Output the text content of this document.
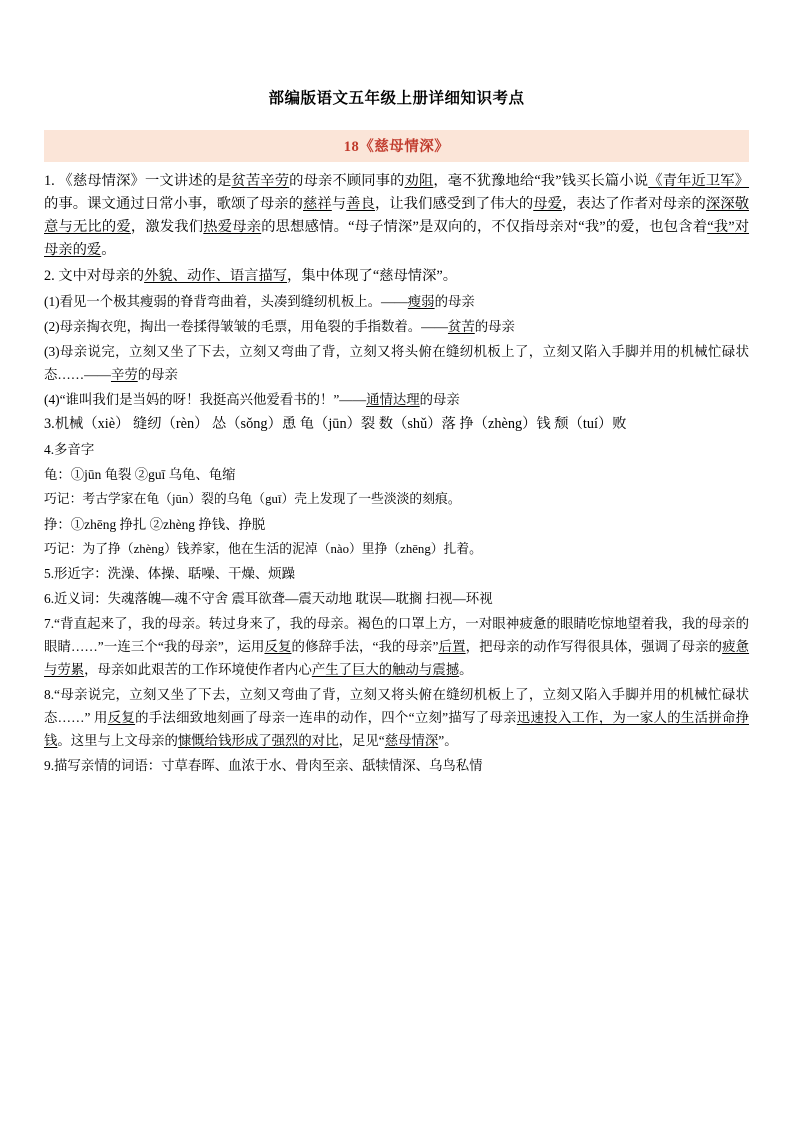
部编版语文五年级上册详细知识考点
18《慈母情深》
1. 《慈母情深》一文讲述的是贫苦辛劳的母亲不顾同事的劝阻，毫不犹豫地给“我”钱买长篇小说《青年近卫军》的事。课文通过日常小事，歌颂了母亲的慈祥与善良，让我们感受到了伟大的母爱，表达了作者对母亲的深深敬意与无比的爱，激发我们热爱母亲的思想感情。“母子情深”是双向的，不仅指母亲对“我”的爱，也包含着“我”对母亲的爱。
2. 文中对母亲的外貌、动作、语言描写，集中体现了“慈母情深”。
(1)看见一个极其瘦弱的脊背弯曲着，头凑到缝纫机板上。——瘦弱的母亲
(2)母亲掏衣兜，掏出一卷揉得皱皱的毛票，用龟裂的手指数着。——贫苦的母亲
(3)母亲说完，立刻又坐了下去，立刻又弯曲了背，立刻又将头俯在缝纫机板上了，立刻又陷入手脚并用的机械忙碌状态……——辛劳的母亲
(4)“谁叫我们是当妈的呀！我挺高兴他爱看书的！”——通情达理的母亲
3.机械（xiè） 缝纫（rèn） 怂（sǒng）恿 龟（jūn）裂 数（shǔ）落 挣（zhèng）钱 颓（tuí）败
4.多音字
龟：①jūn 龟裂 ②guī 乌龟、龟缩
巧记：考古学家在龟（jūn）裂的乌龟（guī）壳上发现了一些淡淡的刻痕。
挣：①zhēng 挣扎 ②zhèng 挣钱、挣脱
巧记：为了挣（zhèng）钱养家，他在生活的泥淖（nào）里挣（zhēng）扎着。
5.形近字：洗澡、体操、聒噪、干燥、烦躁
6.近义词：失魂落魄—魂不守舍 震耳欲聋—震天动地 耽误—耽搁 扫视—环视
7.“背直起来了，我的母亲。转过身来了，我的母亲。褐色的口罩上方，一对眼神疲惫的眼睛吃惊地望着我，我的母亲的眼睛……”一连三个“我的母亲”，运用反复的修辞手法，“我的母亲”后置，把母亲的动作写得很具体，强调了母亲的疲惫与劳累，母亲如此艰苦的工作环境使作者内心产生了巨大的触动与震撼。
8.“母亲说完，立刻又坐了下去，立刻又弯曲了背，立刻又将头俯在缝纫机板上了，立刻又陷入手脚并用的机械忙碌状态……” 用反复的手法细致地刻画了母亲一连串的动作，四个“立刻”描写了母亲迅速投入工作，为一家人的生活拼命挣钱。这里与上文母亲的慷慨给钱形成了强烈的对比，足见“慈母情深”。
9.描写亲情的词语：寸草春晖、血浓于水、骨肉至亲、舐犊情深、乌鸟私情
